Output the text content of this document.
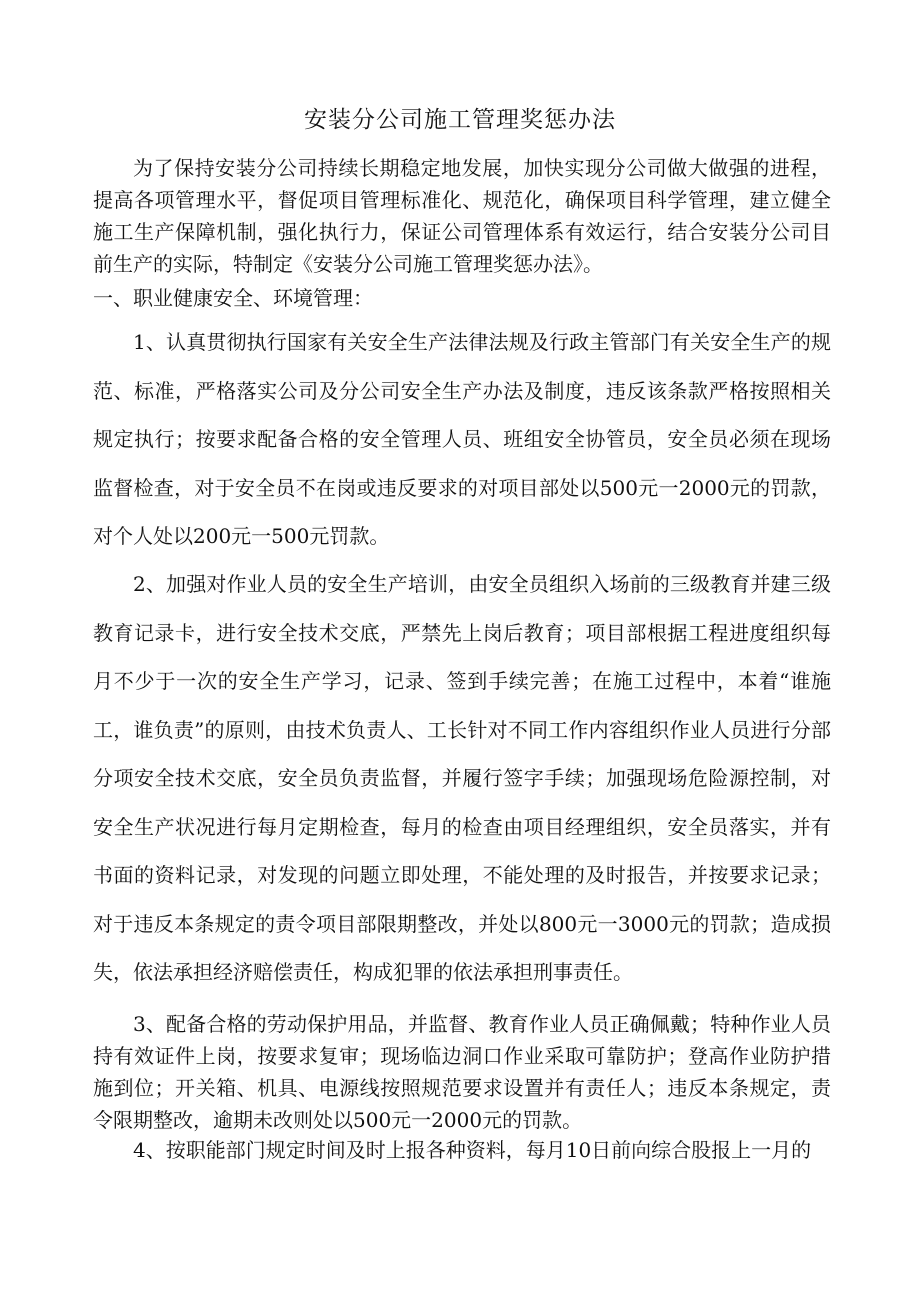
安装分公司施工管理奖惩办法

为了保持安装分公司持续长期稳定地发展，加快实现分公司做大做强的进程，提高各项管理水平，督促项目管理标准化、规范化，确保项目科学管理，建立健全施工生产保障机制，强化执行力，保证公司管理体系有效运行，结合安装分公司目前生产的实际，特制定《安装分公司施工管理奖惩办法》。

一、职业健康安全、环境管理：

1、认真贯彻执行国家有关安全生产法律法规及行政主管部门有关安全生产的规范、标准，严格落实公司及分公司安全生产办法及制度，违反该条款严格按照相关规定执行；按要求配备合格的安全管理人员、班组安全协管员，安全员必须在现场监督检查，对于安全员不在岗或违反要求的对项目部处以500元一2000元的罚款，对个人处以200元一500元罚款。

2、加强对作业人员的安全生产培训，由安全员组织入场前的三级教育并建三级教育记录卡，进行安全技术交底，严禁先上岗后教育；项目部根据工程进度组织每月不少于一次的安全生产学习，记录、签到手续完善；在施工过程中，本着“谁施工，谁负责”的原则，由技术负责人、工长针对不同工作内容组织作业人员进行分部分项安全技术交底，安全员负责监督，并履行签字手续；加强现场危险源控制，对安全生产状况进行每月定期检查，每月的检查由项目经理组织，安全员落实，并有书面的资料记录，对发现的问题立即处理，不能处理的及时报告，并按要求记录；对于违反本条规定的责令项目部限期整改，并处以800元一3000元的罚款；造成损失，依法承担经济赔偿责任，构成犯罪的依法承担刑事责任。

3、配备合格的劳动保护用品，并监督、教育作业人员正确佩戴；特种作业人员持有效证件上岗，按要求复审；现场临边洞口作业采取可靠防护；登高作业防护措施到位；开关箱、机具、电源线按照规范要求设置并有责任人；违反本条规定，责令限期整改，逾期未改则处以500元一2000元的罚款。

4、按职能部门规定时间及时上报各种资料，每月10日前向综合股报上一月的
